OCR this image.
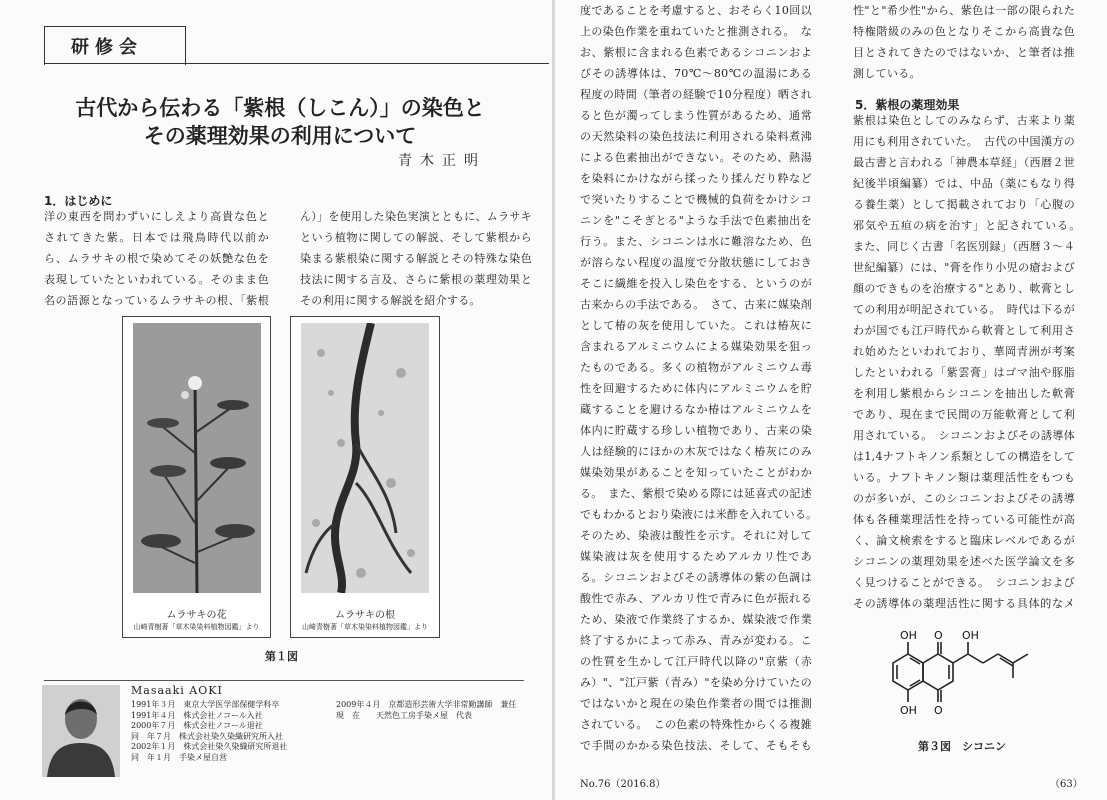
研修会
古代から伝わる「紫根（しこん）」の染色と
その薬理効果の利用について
青木正明
1．はじめに

洋の東西を問わずいにしえより高貴な色とされてきた紫。日本では飛鳥時代以前から、ムラサキの根で染めてその妖艶な色を表現していたといわれている。そのまま色名の語源となっているムラサキの根、「紫根

ん）」を使用した染色実演とともに、ムラサキという植物に関しての解説、そして紫根から染まる紫根染に関する解説とその特殊な染色技法に関する言及、さらに紫根の薬理効果とその利用に関する解説を紹介する。

ムラサキの花
山崎青樹著「草木染染料植物図鑑」より
ムラサキの根
山崎青樹著「草木染染料植物図鑑」より
第１図
Masaaki AOKI
1991年３月　東京大学医学部保健学科卒
1991年４月　株式会社ノコール入社
2000年７月　株式会社ノコール退社
同　年７月　株式会社染久染織研究所入社
2002年１月　株式会社染久染織研究所退社
同　年１月　手染メ屋自営
2009年４月　京都造形芸術大学非常勤講師　兼任
現　在　　天然色工房手染メ屋　代表

度であることを考慮すると、おそらく10回以上の染色作業を重ねていたと推測される。　なお、紫根に含まれる色素であるシコニンおよびその誘導体は、70℃～80℃の温湯にある程度の時間（筆者の経験で10分程度）晒されると色が濁ってしまう性質があるため、通常の天然染料の染色技法に利用される染料煮沸による色素抽出ができない。そのため、熱湯を染料にかけながら揉ったり揉んだり粋などで突いたりすることで機械的負荷をかけシコニンを"こそぎとる"ような手法で色素抽出を行う。また、シコニンは水に難溶なため、色が溶らない程度の温度で分散状態にしておきそこに繊維を投入し染色をする、というのが古来からの手法である。　さて、古来に媒染剤として椿の灰を使用していた。これは椿灰に含まれるアルミニウムによる媒染効果を狙ったものである。多くの植物がアルミニウム毒性を回避するために体内にアルミニウムを貯蔵することを避けるなか椿はアルミニウムを体内に貯蔵する珍しい植物であり、古来の染人は経験的にほかの木灰ではなく椿灰にのみ媒染効果があることを知っていたことがわかる。　また、紫根で染める際には延喜式の記述でもわかるとおり染液には米酢を入れている。　そのため、染液は酸性を示す。それに対して媒染液は灰を使用するためアルカリ性である。シコニンおよびその誘導体の紫の色調は酸性で赤み、アルカリ性で青みに色が振れるため、染液で作業終了するか、媒染液で作業終了するかによって赤み、青みが変わる。この性質を生かして江戸時代以降の"京紫（赤み）"、"江戸紫（青み）"を染め分けていたのではないかと現在の染色作業者の間では推測されている。　この色素の特殊性からくる複雑で手間のかかる染色技法、そして、そもそも

性"と"希少性"から、紫色は一部の限られた特権階級のみの色となりそこから高貴な色目とされてきたのではないか、と筆者は推測している。

5．紫根の薬理効果

紫根は染色としてのみならず、古来より薬用にも利用されていた。　古代の中国漢方の最古書と言われる「神農本草経」（西暦２世紀後半頃編纂）では、中品（薬にもなり得る養生薬）として掲載されており「心腹の邪気や五疸の病を治す」と記されている。　また、同じく古書「名医別録」（西暦３～４世紀編纂）には、"膏を作り小児の瘡および顔のできものを治療する"とあり、軟膏としての利用が明記されている。　時代は下るがわが国でも江戸時代から軟膏として利用され始めたといわれており、華岡青洲が考案したといわれる「紫雲膏」はゴマ油や豚脂を利用し紫根からシコニンを抽出した軟膏であり、現在まで民間の万能軟膏として利用されている。　シコニンおよびその誘導体は1,4ナフトキノン系類としての構造をしている。ナフトキノン類は薬理活性をもつものが多いが、このシコニンおよびその誘導体も各種薬理活性を持っている可能性が高く、論文検索をすると臨床レベルであるがシコニンの薬理効果を述べた医学論文を多く見つけることができる。　シコニンおよびその誘導体の薬理活性に関する具体的なメ

No.76（2016.8）	（63）
OH O OH
OH O
第３図　シコニン
